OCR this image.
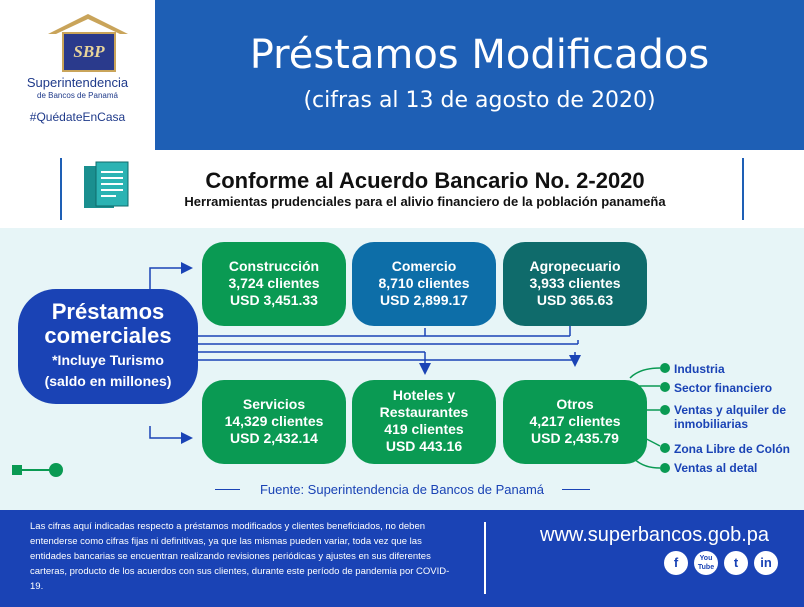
SBP
Superintendencia
de Bancos de Panamá
#QuédateEnCasa
Préstamos Modificados
(cifras al 13 de agosto de 2020)
Conforme al Acuerdo Bancario No. 2-2020
Herramientas prudenciales para el alivio financiero de la población panameña
Préstamos
comerciales
*Incluye Turismo
(saldo en millones)
Construcción
3,724 clientes
USD 3,451.33
Comercio
8,710 clientes
USD 2,899.17
Agropecuario
3,933 clientes
USD 365.63
Servicios
14,329 clientes
USD 2,432.14
Hoteles y
Restaurantes
419 clientes
USD 443.16
Otros
4,217 clientes
USD 2,435.79
Industria
Sector financiero
Ventas y alquiler de
inmobiliarias
Zona Libre de Colón
Ventas al detal
Fuente: Superintendencia de Bancos de Panamá
Las cifras aquí indicadas respecto a préstamos modificados y clientes beneficiados, no deben entenderse como cifras fijas ni definitivas, ya que las mismas pueden variar, toda vez que las entidades bancarias se encuentran realizando revisiones periódicas y ajustes en sus diferentes carteras, producto de los acuerdos con sus clientes, durante este período de pandemia por COVID-19.
www.superbancos.gob.pa
f	You
Tube	t	in
